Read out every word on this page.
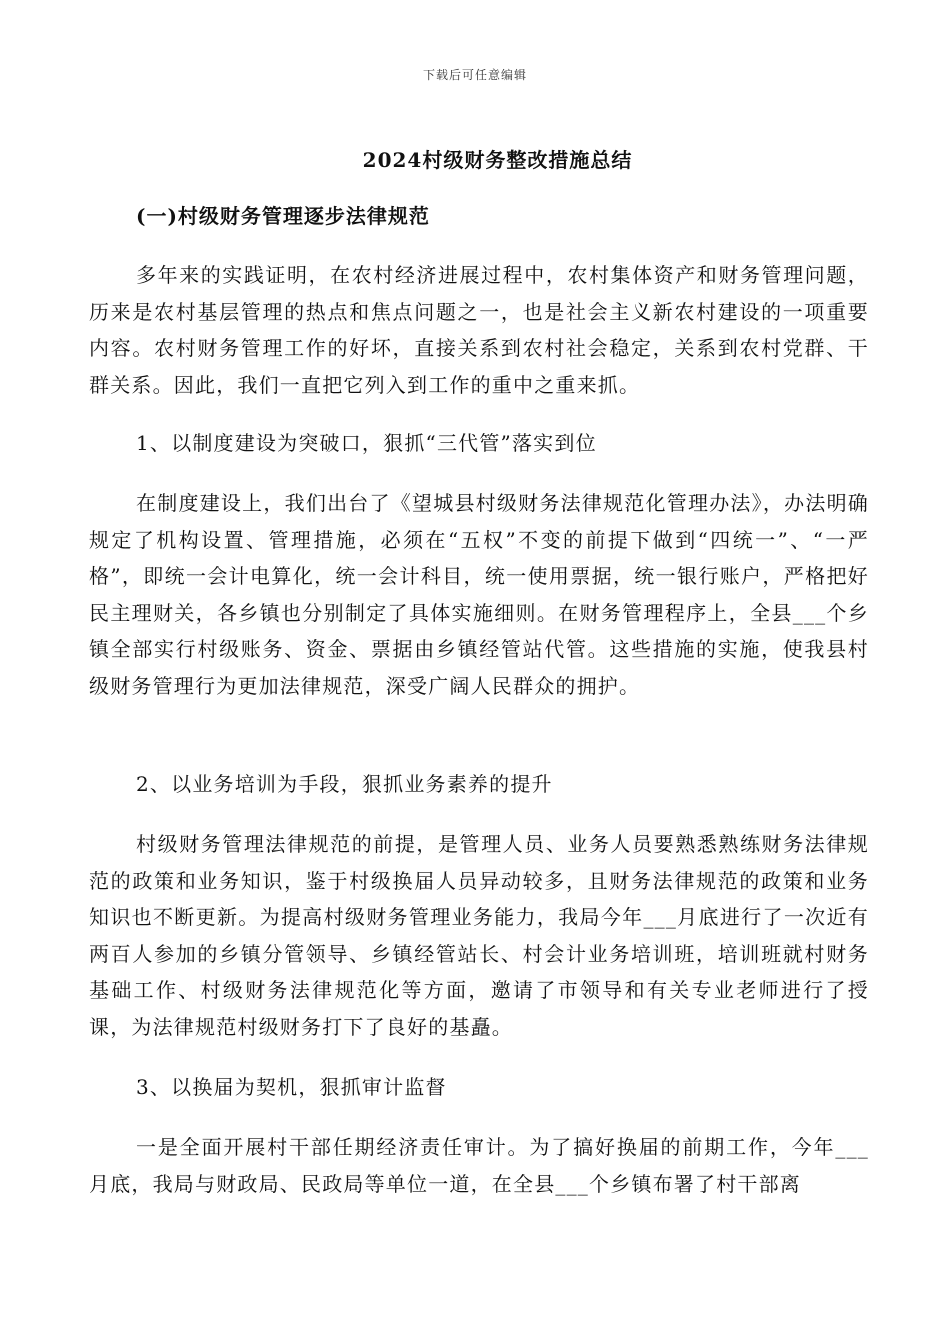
下载后可任意编辑
2024村级财务整改措施总结
(一)村级财务管理逐步法律规范

多年来的实践证明，在农村经济进展过程中，农村集体资产和财务管理问题，历来是农村基层管理的热点和焦点问题之一，也是社会主义新农村建设的一项重要内容。农村财务管理工作的好坏，直接关系到农村社会稳定，关系到农村党群、干群关系。因此，我们一直把它列入到工作的重中之重来抓。

1、以制度建设为突破口，狠抓“三代管”落实到位

在制度建设上，我们出台了《望城县村级财务法律规范化管理办法》，办法明确规定了机构设置、管理措施，必须在“五权”不变的前提下做到“四统一”、“一严格”，即统一会计电算化，统一会计科目，统一使用票据，统一银行账户，严格把好民主理财关，各乡镇也分别制定了具体实施细则。在财务管理程序上，全县___个乡镇全部实行村级账务、资金、票据由乡镇经管站代管。这些措施的实施，使我县村级财务管理行为更加法律规范，深受广阔人民群众的拥护。

2、以业务培训为手段，狠抓业务素养的提升

村级财务管理法律规范的前提，是管理人员、业务人员要熟悉熟练财务法律规范的政策和业务知识，鉴于村级换届人员异动较多，且财务法律规范的政策和业务知识也不断更新。为提高村级财务管理业务能力，我局今年___月底进行了一次近有两百人参加的乡镇分管领导、乡镇经管站长、村会计业务培训班，培训班就村财务基础工作、村级财务法律规范化等方面，邀请了市领导和有关专业老师进行了授课，为法律规范村级财务打下了良好的基矗。

3、以换届为契机，狠抓审计监督

一是全面开展村干部任期经济责任审计。为了搞好换届的前期工作，今年___月底，我局与财政局、民政局等单位一道，在全县___个乡镇布署了村干部离
